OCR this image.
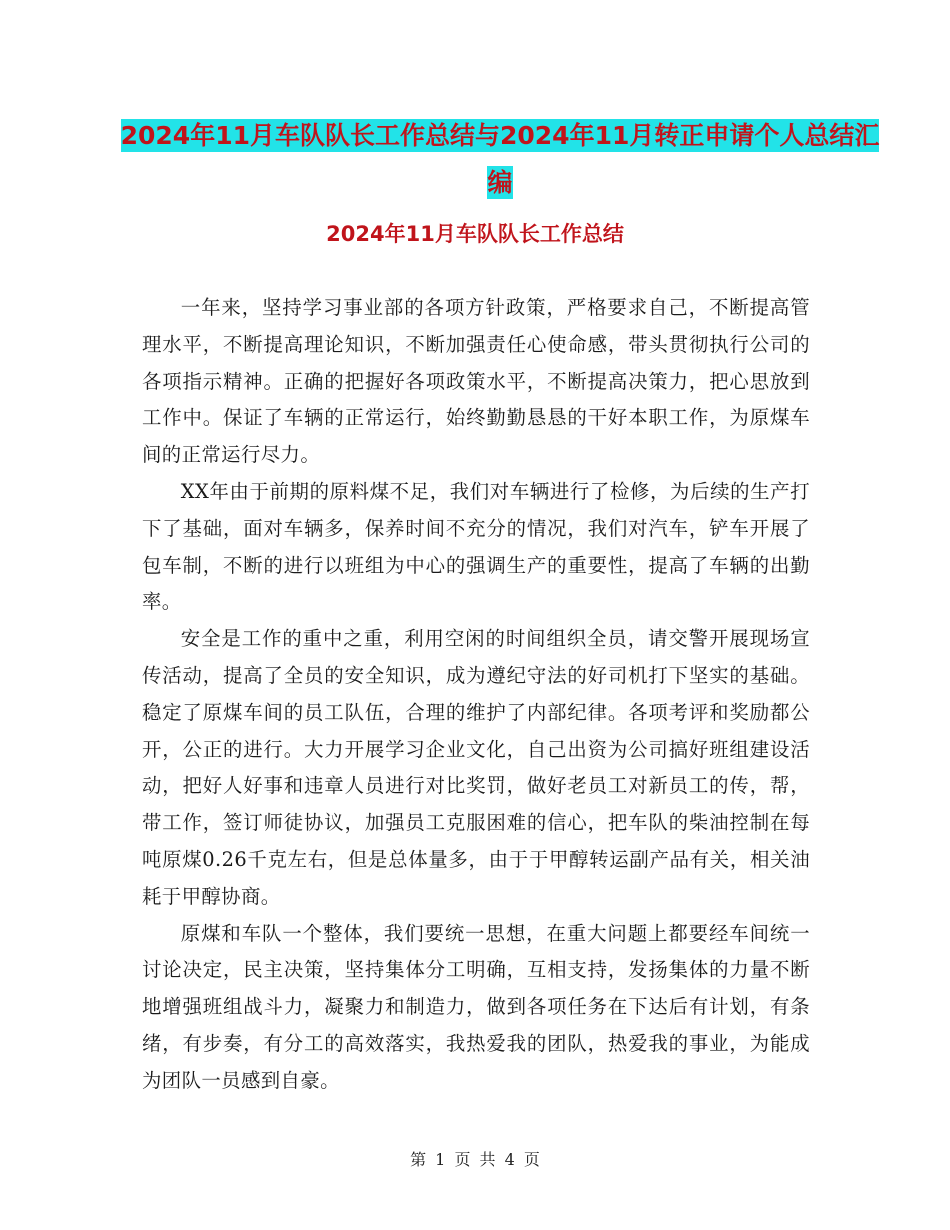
2024年11月车队队长工作总结与2024年11月转正申请个人总结汇编
2024年11月车队队长工作总结

一年来，坚持学习事业部的各项方针政策，严格要求自己，不断提高管理水平，不断提高理论知识，不断加强责任心使命感，带头贯彻执行公司的各项指示精神。正确的把握好各项政策水平，不断提高决策力，把心思放到工作中。保证了车辆的正常运行，始终勤勤恳恳的干好本职工作，为原煤车间的正常运行尽力。

XX年由于前期的原料煤不足，我们对车辆进行了检修，为后续的生产打下了基础，面对车辆多，保养时间不充分的情况，我们对汽车，铲车开展了包车制，不断的进行以班组为中心的强调生产的重要性，提高了车辆的出勤率。

安全是工作的重中之重，利用空闲的时间组织全员，请交警开展现场宣传活动，提高了全员的安全知识，成为遵纪守法的好司机打下坚实的基础。稳定了原煤车间的员工队伍，合理的维护了内部纪律。各项考评和奖励都公开，公正的进行。大力开展学习企业文化，自己出资为公司搞好班组建设活动，把好人好事和违章人员进行对比奖罚，做好老员工对新员工的传，帮，带工作，签订师徒协议，加强员工克服困难的信心，把车队的柴油控制在每吨原煤0.26千克左右，但是总体量多，由于于甲醇转运副产品有关，相关油耗于甲醇协商。

原煤和车队一个整体，我们要统一思想，在重大问题上都要经车间统一讨论决定，民主决策，坚持集体分工明确，互相支持，发扬集体的力量不断地增强班组战斗力，凝聚力和制造力，做到各项任务在下达后有计划，有条绪，有步奏，有分工的高效落实，我热爱我的团队，热爱我的事业，为能成为团队一员感到自豪。

第 1 页 共 4 页
